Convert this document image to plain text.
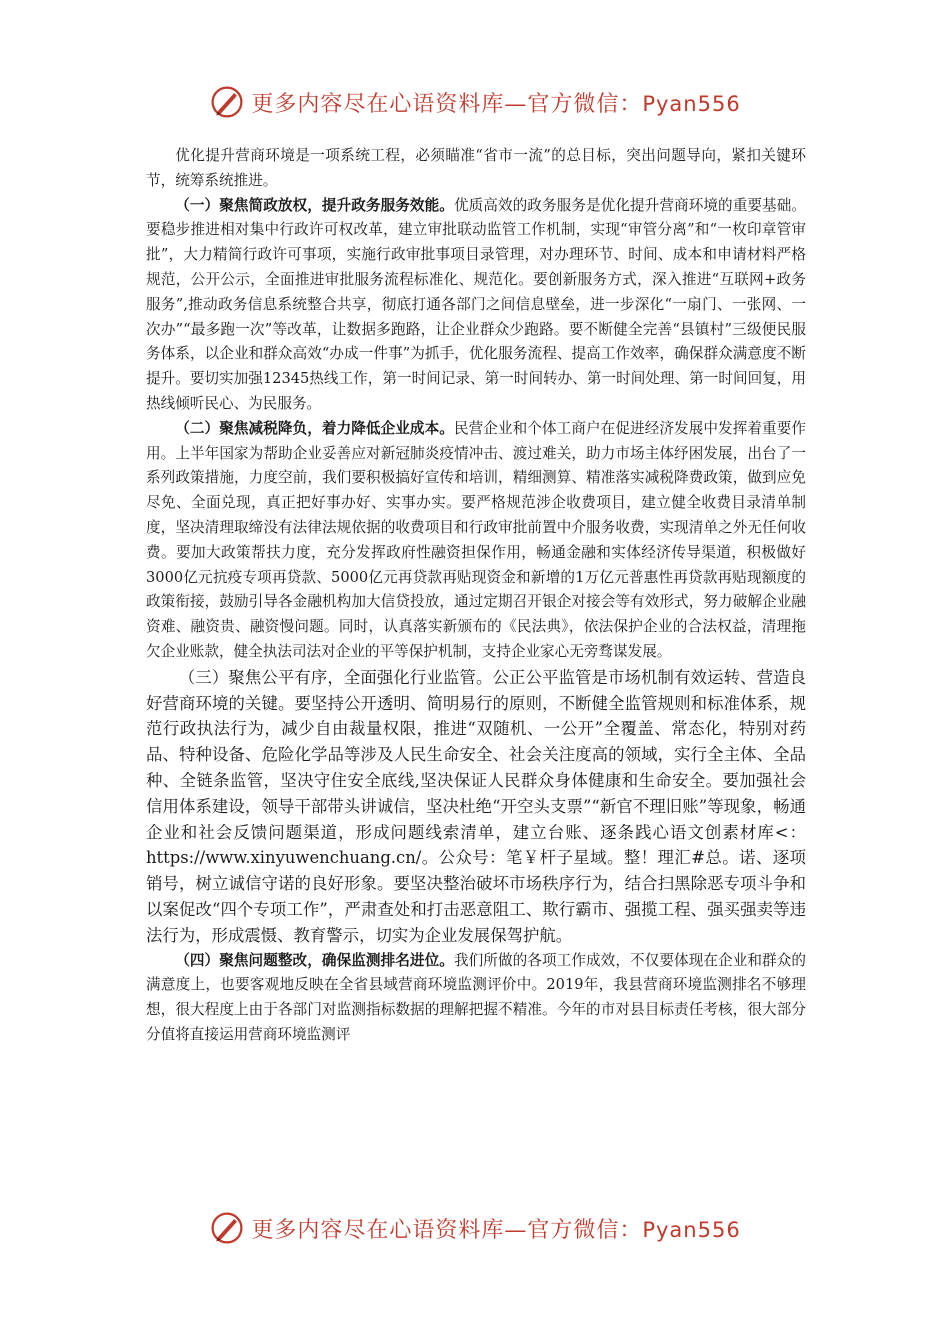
更多内容尽在心语资料库—官方微信：Pyan556

优化提升营商环境是一项系统工程，必须瞄准“省市一流”的总目标，突出问题导向，紧扣关键环节，统筹系统推进。

（一）聚焦简政放权，提升政务服务效能。优质高效的政务服务是优化提升营商环境的重要基础。要稳步推进相对集中行政许可权改革，建立审批联动监管工作机制，实现“审管分离”和“一枚印章管审批”，大力精简行政许可事项，实施行政审批事项目录管理，对办理环节、时间、成本和申请材料严格规范，公开公示，全面推进审批服务流程标准化、规范化。要创新服务方式，深入推进“互联网+政务服务”,推动政务信息系统整合共享，彻底打通各部门之间信息壁垒，进一步深化“一扇门、一张网、一次办”“最多跑一次”等改革，让数据多跑路，让企业群众少跑路。要不断健全完善“县镇村”三级便民服务体系，以企业和群众高效“办成一件事”为抓手，优化服务流程、提高工作效率，确保群众满意度不断提升。要切实加强12345热线工作，第一时间记录、第一时间转办、第一时间处理、第一时间回复，用热线倾听民心、为民服务。

（二）聚焦减税降负，着力降低企业成本。民营企业和个体工商户在促进经济发展中发挥着重要作用。上半年国家为帮助企业妥善应对新冠肺炎疫情冲击、渡过难关，助力市场主体纾困发展，出台了一系列政策措施，力度空前，我们要积极搞好宣传和培训，精细测算、精准落实减税降费政策，做到应免尽免、全面兑现，真正把好事办好、实事办实。要严格规范涉企收费项目，建立健全收费目录清单制度，坚决清理取缔没有法律法规依据的收费项目和行政审批前置中介服务收费，实现清单之外无任何收费。要加大政策帮扶力度，充分发挥政府性融资担保作用，畅通金融和实体经济传导渠道，积极做好3000亿元抗疫专项再贷款、5000亿元再贷款再贴现资金和新增的1万亿元普惠性再贷款再贴现额度的政策衔接，鼓励引导各金融机构加大信贷投放，通过定期召开银企对接会等有效形式，努力破解企业融资难、融资贵、融资慢问题。同时，认真落实新颁布的《民法典》，依法保护企业的合法权益，清理拖欠企业账款，健全执法司法对企业的平等保护机制，支持企业家心无旁骛谋发展。

（三）聚焦公平有序，全面强化行业监管。公正公平监管是市场机制有效运转、营造良好营商环境的关键。要坚持公开透明、简明易行的原则，不断健全监管规则和标准体系，规范行政执法行为，减少自由裁量权限，推进“双随机、一公开”全覆盖、常态化，特别对药品、特种设备、危险化学品等涉及人民生命安全、社会关注度高的领域，实行全主体、全品种、全链条监管，坚决守住安全底线,坚决保证人民群众身体健康和生命安全。要加强社会信用体系建设，领导干部带头讲诚信，坚决杜绝“开空头支票”“新官不理旧账”等现象，畅通企业和社会反馈问题渠道，形成问题线索清单，建立台账、逐条践心语文创素材库<：https://www.xinyuwenchuang.cn/。公众号：笔￥杆子星域。整！理汇#总。诺、逐项销号，树立诚信守诺的良好形象。要坚决整治破坏市场秩序行为，结合扫黑除恶专项斗争和以案促改“四个专项工作”，严肃查处和打击恶意阻工、欺行霸市、强揽工程、强买强卖等违法行为，形成震慑、教育警示，切实为企业发展保驾护航。

（四）聚焦问题整改，确保监测排名进位。我们所做的各项工作成效，不仅要体现在企业和群众的满意度上，也要客观地反映在全省县域营商环境监测评价中。2019年，我县营商环境监测排名不够理想，很大程度上由于各部门对监测指标数据的理解把握不精准。今年的市对县目标责任考核，很大部分分值将直接运用营商环境监测评

更多内容尽在心语资料库—官方微信：Pyan556
